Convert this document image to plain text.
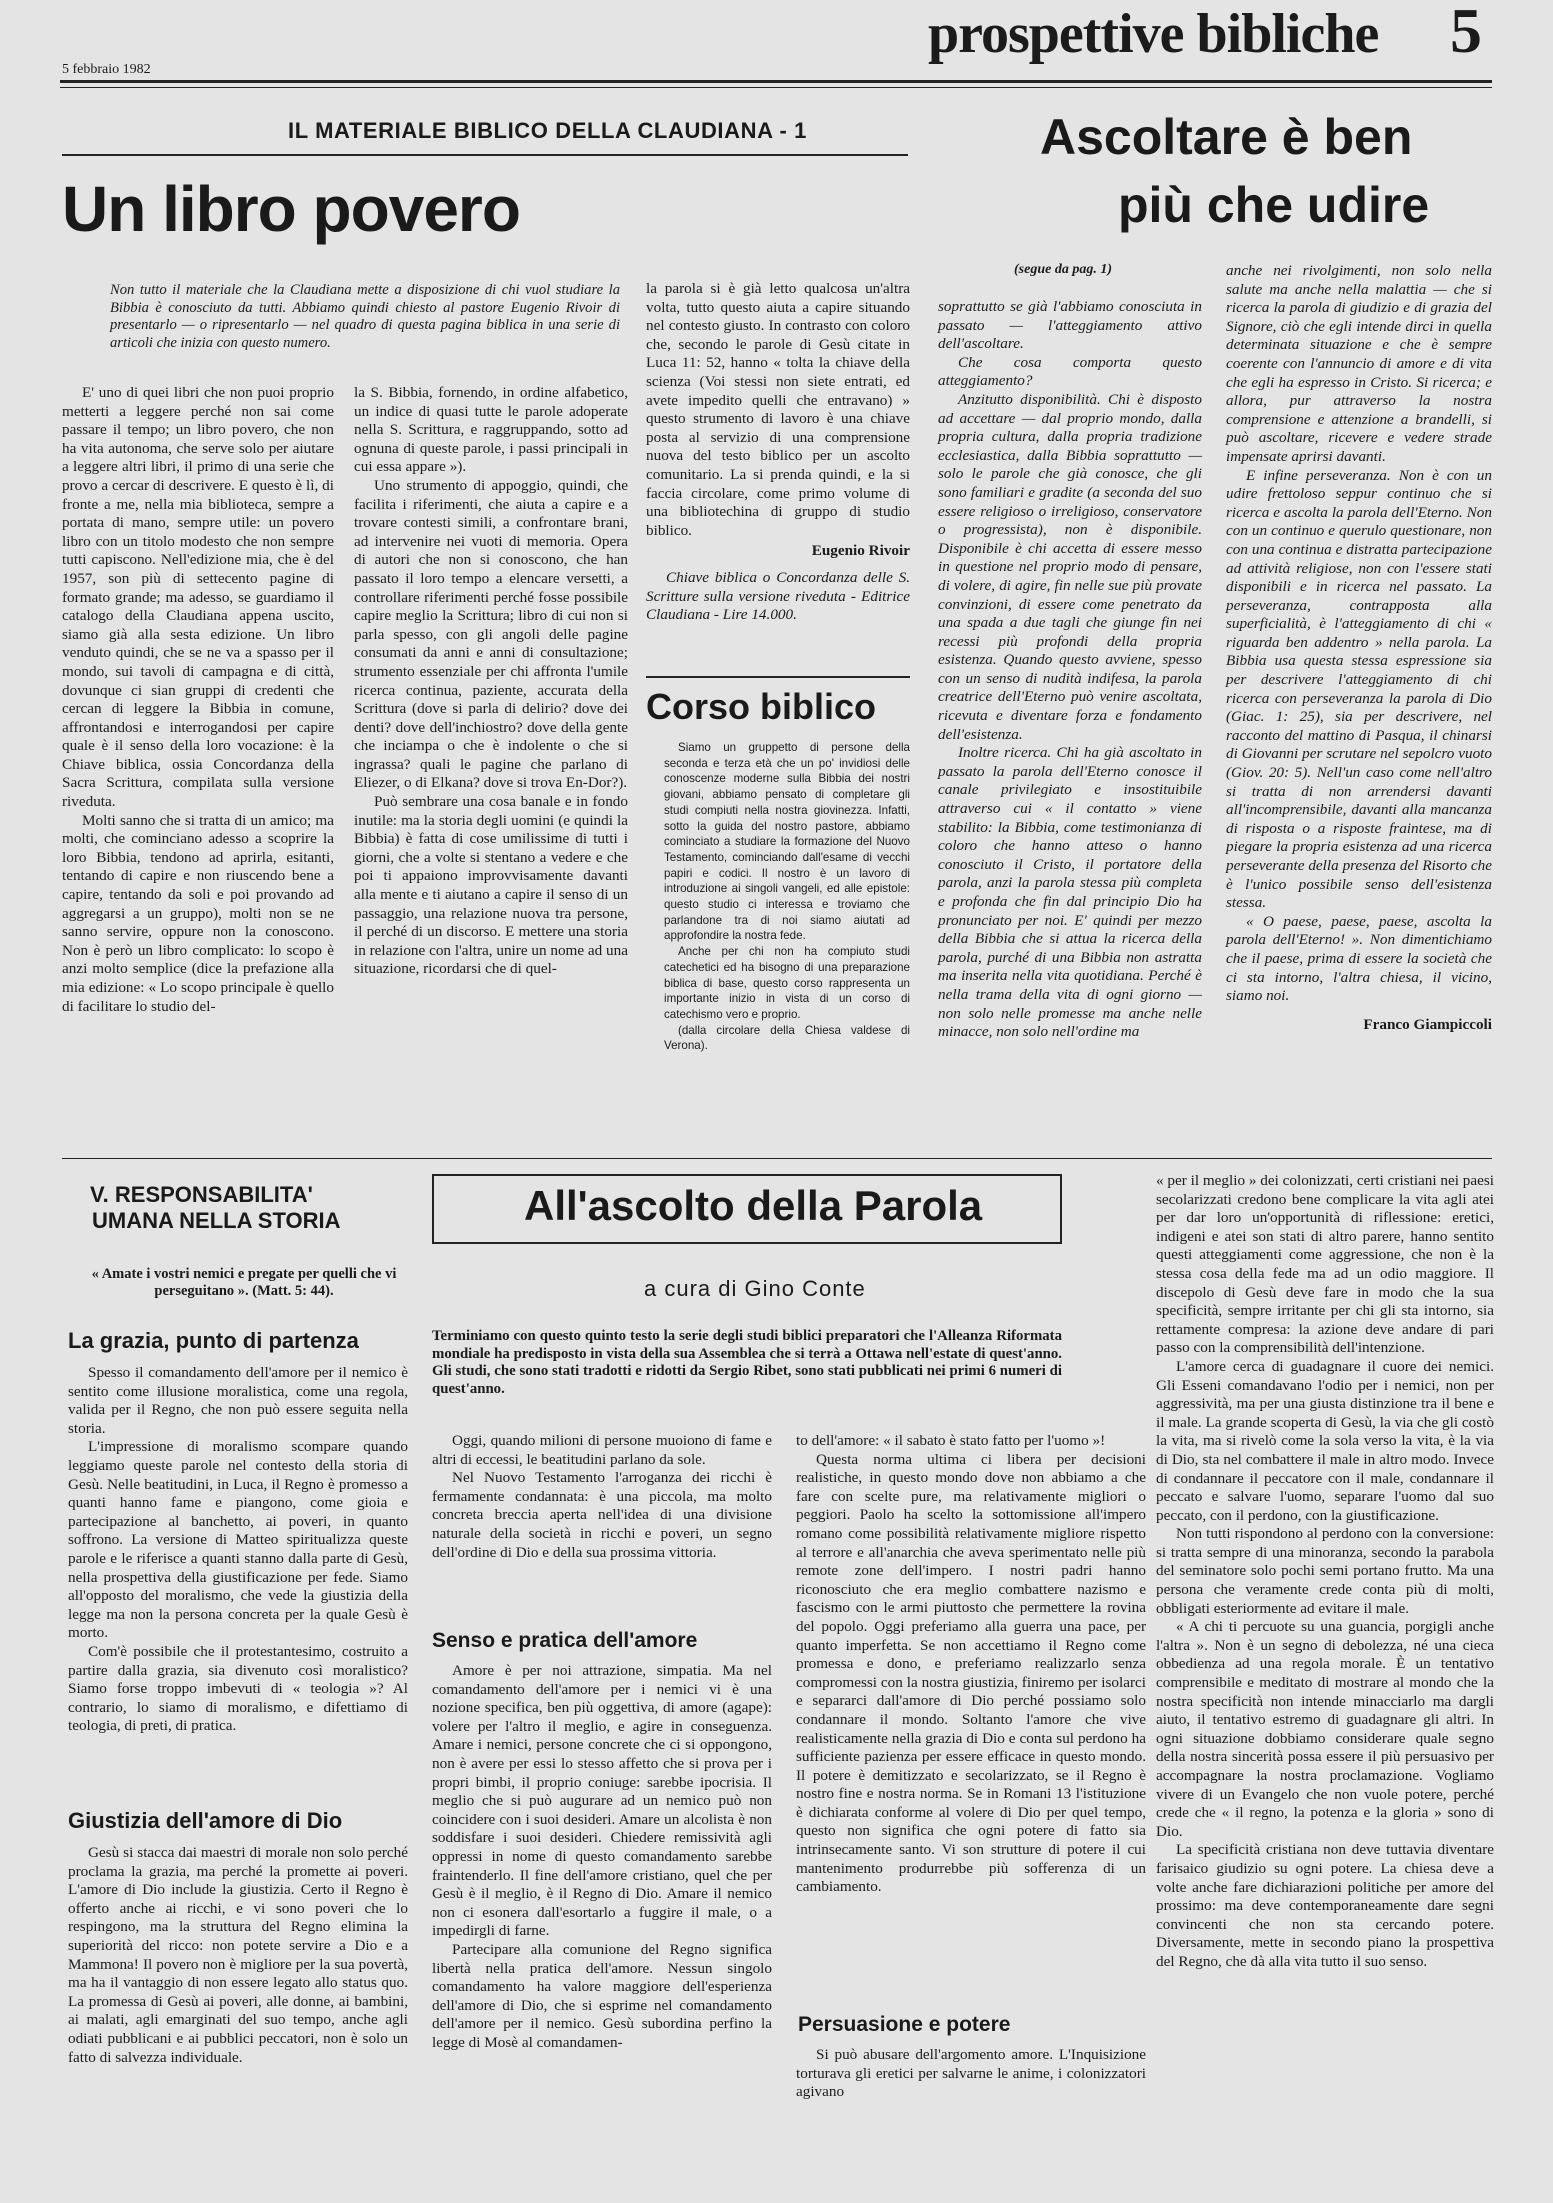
5 febbraio 1982
prospettive bibliche 5
IL MATERIALE BIBLICO DELLA CLAUDIANA - 1
Un libro povero
Non tutto il materiale che la Claudiana mette a disposizione di chi vuol studiare la Bibbia è conosciuto da tutti. Abbiamo quindi chiesto al pastore Eugenio Rivoir di presentarlo — o ripresentarlo — nel quadro di questa pagina biblica in una serie di articoli che inizia con questo numero.

E' uno di quei libri che non puoi proprio metterti a leggere perché non sai come passare il tempo; un libro povero, che non ha vita autonoma, che serve solo per aiutare a leggere altri libri, il primo di una serie che provo a cercar di descrivere. E questo è lì, di fronte a me, nella mia biblioteca, sempre a portata di mano, sempre utile: un povero libro con un titolo modesto che non sempre tutti capiscono. Nell'edizione mia, che è del 1957, son più di settecento pagine di formato grande; ma adesso, se guardiamo il catalogo della Claudiana appena uscito, siamo già alla sesta edizione. Un libro venduto quindi, che se ne va a spasso per il mondo, sui tavoli di campagna e di città, dovunque ci sian gruppi di credenti che cercan di leggere la Bibbia in comune, affrontandosi e interrogandosi per capire quale è il senso della loro vocazione: è la Chiave biblica, ossia Concordanza della Sacra Scrittura, compilata sulla versione riveduta.

Molti sanno che si tratta di un amico; ma molti, che cominciano adesso a scoprire la loro Bibbia, tendono ad aprirla, esitanti, tentando di capire e non riuscendo bene a capire, tentando da soli e poi provando ad aggregarsi a un gruppo), molti non se ne sanno servire, oppure non la conoscono. Non è però un libro complicato: lo scopo è anzi molto semplice (dice la prefazione alla mia edizione: « Lo scopo principale è quello di facilitare lo studio del-

la S. Bibbia, fornendo, in ordine alfabetico, un indice di quasi tutte le parole adoperate nella S. Scrittura, e raggruppando, sotto ad ognuna di queste parole, i passi principali in cui essa appare »).

Uno strumento di appoggio, quindi, che facilita i riferimenti, che aiuta a capire e a trovare contesti simili, a confrontare brani, ad intervenire nei vuoti di memoria. Opera di autori che non si conoscono, che han passato il loro tempo a elencare versetti, a controllare riferimenti perché fosse possibile capire meglio la Scrittura; libro di cui non si parla spesso, con gli angoli delle pagine consumati da anni e anni di consultazione; strumento essenziale per chi affronta l'umile ricerca continua, paziente, accurata della Scrittura (dove si parla di delirio? dove dei denti? dove dell'inchiostro? dove della gente che inciampa o che è indolente o che si ingrassa? quali le pagine che parlano di Eliezer, o di Elkana? dove si trova En-Dor?).

Può sembrare una cosa banale e in fondo inutile: ma la storia degli uomini (e quindi la Bibbia) è fatta di cose umilissime di tutti i giorni, che a volte si stentano a vedere e che poi ti appaiono improvvisamente davanti alla mente e ti aiutano a capire il senso di un passaggio, una relazione nuova tra persone, il perché di un discorso. E mettere una storia in relazione con l'altra, unire un nome ad una situazione, ricordarsi che di quel-

la parola si è già letto qualcosa un'altra volta, tutto questo aiuta a capire situando nel contesto giusto. In contrasto con coloro che, secondo le parole di Gesù citate in Luca 11: 52, hanno « tolta la chiave della scienza (Voi stessi non siete entrati, ed avete impedito quelli che entravano) » questo strumento di lavoro è una chiave posta al servizio di una comprensione nuova del testo biblico per un ascolto comunitario. La si prenda quindi, e la si faccia circolare, come primo volume di una bibliotechina di gruppo di studio biblico.

Eugenio Rivoir

Chiave biblica o Concordanza delle S. Scritture sulla versione riveduta - Editrice Claudiana - Lire 14.000.

Corso biblico

Siamo un gruppetto di persone della seconda e terza età che un po' invidiosi delle conoscenze moderne sulla Bibbia dei nostri giovani, abbiamo pensato di completare gli studi compiuti nella nostra giovinezza. Infatti, sotto la guida del nostro pastore, abbiamo cominciato a studiare la formazione del Nuovo Testamento, cominciando dall'esame di vecchi papiri e codici. Il nostro è un lavoro di introduzione ai singoli vangeli, ed alle epistole: questo studio ci interessa e troviamo che parlandone tra di noi siamo aiutati ad approfondire la nostra fede.

Anche per chi non ha compiuto studi catechetici ed ha bisogno di una preparazione biblica di base, questo corso rappresenta un importante inizio in vista di un corso di catechismo vero e proprio.

(dalla circolare della Chiesa valdese di Verona).

Ascoltare è ben
più che udire
(segue da pag. 1)

soprattutto se già l'abbiamo conosciuta in passato — l'atteggiamento attivo dell'ascoltare.

Che cosa comporta questo atteggiamento?

Anzitutto disponibilità. Chi è disposto ad accettare — dal proprio mondo, dalla propria cultura, dalla propria tradizione ecclesiastica, dalla Bibbia soprattutto — solo le parole che già conosce, che gli sono familiari e gradite (a seconda del suo essere religioso o irreligioso, conservatore o progressista), non è disponibile. Disponibile è chi accetta di essere messo in questione nel proprio modo di pensare, di volere, di agire, fin nelle sue più provate convinzioni, di essere come penetrato da una spada a due tagli che giunge fin nei recessi più profondi della propria esistenza. Quando questo avviene, spesso con un senso di nudità indifesa, la parola creatrice dell'Eterno può venire ascoltata, ricevuta e diventare forza e fondamento dell'esistenza.

Inoltre ricerca. Chi ha già ascoltato in passato la parola dell'Eterno conosce il canale privilegiato e insostituibile attraverso cui « il contatto » viene stabilito: la Bibbia, come testimonianza di coloro che hanno atteso o hanno conosciuto il Cristo, il portatore della parola, anzi la parola stessa più completa e profonda che fin dal principio Dio ha pronunciato per noi. E' quindi per mezzo della Bibbia che si attua la ricerca della parola, purché di una Bibbia non astratta ma inserita nella vita quotidiana. Perché è nella trama della vita di ogni giorno — non solo nelle promesse ma anche nelle minacce, non solo nell'ordine ma

anche nei rivolgimenti, non solo nella salute ma anche nella malattia — che si ricerca la parola di giudizio e di grazia del Signore, ciò che egli intende dirci in quella determinata situazione e che è sempre coerente con l'annuncio di amore e di vita che egli ha espresso in Cristo. Si ricerca; e allora, pur attraverso la nostra comprensione e attenzione a brandelli, si può ascoltare, ricevere e vedere strade impensate aprirsi davanti.

E infine perseveranza. Non è con un udire frettoloso seppur continuo che si ricerca e ascolta la parola dell'Eterno. Non con un continuo e querulo questionare, non con una continua e distratta partecipazione ad attività religiose, non con l'essere stati disponibili e in ricerca nel passato. La perseveranza, contrapposta alla superficialità, è l'atteggiamento di chi « riguarda ben addentro » nella parola. La Bibbia usa questa stessa espressione sia per descrivere l'atteggiamento di chi ricerca con perseveranza la parola di Dio (Giac. 1: 25), sia per descrivere, nel racconto del mattino di Pasqua, il chinarsi di Giovanni per scrutare nel sepolcro vuoto (Giov. 20: 5). Nell'un caso come nell'altro si tratta di non arrendersi davanti all'incomprensibile, davanti alla mancanza di risposta o a risposte fraintese, ma di piegare la propria esistenza ad una ricerca perseverante della presenza del Risorto che è l'unico possibile senso dell'esistenza stessa.

« O paese, paese, paese, ascolta la parola dell'Eterno! ». Non dimentichiamo che il paese, prima di essere la società che ci sta intorno, l'altra chiesa, il vicino, siamo noi.

Franco Giampiccoli

V. RESPONSABILITA'
UMANA NELLA STORIA
« Amate i vostri nemici e pregate per quelli che vi perseguitano ». (Matt. 5: 44).
La grazia, punto di partenza

Spesso il comandamento dell'amore per il nemico è sentito come illusione moralistica, come una regola, valida per il Regno, che non può essere seguita nella storia.

L'impressione di moralismo scompare quando leggiamo queste parole nel contesto della storia di Gesù. Nelle beatitudini, in Luca, il Regno è promesso a quanti hanno fame e piangono, come gioia e partecipazione al banchetto, ai poveri, in quanto soffrono. La versione di Matteo spiritualizza queste parole e le riferisce a quanti stanno dalla parte di Gesù, nella prospettiva della giustificazione per fede. Siamo all'opposto del moralismo, che vede la giustizia della legge ma non la persona concreta per la quale Gesù è morto.

Com'è possibile che il protestantesimo, costruito a partire dalla grazia, sia divenuto così moralistico? Siamo forse troppo imbevuti di « teologia »? Al contrario, lo siamo di moralismo, e difettiamo di teologia, di preti, di pratica.

Giustizia dell'amore di Dio

Gesù si stacca dai maestri di morale non solo perché proclama la grazia, ma perché la promette ai poveri. L'amore di Dio include la giustizia. Certo il Regno è offerto anche ai ricchi, e vi sono poveri che lo respingono, ma la struttura del Regno elimina la superiorità del ricco: non potete servire a Dio e a Mammona! Il povero non è migliore per la sua povertà, ma ha il vantaggio di non essere legato allo status quo. La promessa di Gesù ai poveri, alle donne, ai bambini, ai malati, agli emarginati del suo tempo, anche agli odiati pubblicani e ai pubblici peccatori, non è solo un fatto di salvezza individuale.

All'ascolto della Parola
a cura di Gino Conte
Terminiamo con questo quinto testo la serie degli studi biblici preparatori che l'Alleanza Riformata mondiale ha predisposto in vista della sua Assemblea che si terrà a Ottawa nell'estate di quest'anno. Gli studi, che sono stati tradotti e ridotti da Sergio Ribet, sono stati pubblicati nei primi 6 numeri di quest'anno.

Oggi, quando milioni di persone muoiono di fame e altri di eccessi, le beatitudini parlano da sole.

Nel Nuovo Testamento l'arroganza dei ricchi è fermamente condannata: è una piccola, ma molto concreta breccia aperta nell'idea di una divisione naturale della società in ricchi e poveri, un segno dell'ordine di Dio e della sua prossima vittoria.

Senso e pratica dell'amore

Amore è per noi attrazione, simpatia. Ma nel comandamento dell'amore per i nemici vi è una nozione specifica, ben più oggettiva, di amore (agape): volere per l'altro il meglio, e agire in conseguenza. Amare i nemici, persone concrete che ci si oppongono, non è avere per essi lo stesso affetto che si prova per i propri bimbi, il proprio coniuge: sarebbe ipocrisia. Il meglio che si può augurare ad un nemico può non coincidere con i suoi desideri. Amare un alcolista è non soddisfare i suoi desideri. Chiedere remissività agli oppressi in nome di questo comandamento sarebbe fraintenderlo. Il fine dell'amore cristiano, quel che per Gesù è il meglio, è il Regno di Dio. Amare il nemico non ci esonera dall'esortarlo a fuggire il male, o a impedirgli di farne.

Partecipare alla comunione del Regno significa libertà nella pratica dell'amore. Nessun singolo comandamento ha valore maggiore dell'esperienza dell'amore di Dio, che si esprime nel comandamento dell'amore per il nemico. Gesù subordina perfino la legge di Mosè al comandamen-

to dell'amore: « il sabato è stato fatto per l'uomo »!

Questa norma ultima ci libera per decisioni realistiche, in questo mondo dove non abbiamo a che fare con scelte pure, ma relativamente migliori o peggiori. Paolo ha scelto la sottomissione all'impero romano come possibilità relativamente migliore rispetto al terrore e all'anarchia che aveva sperimentato nelle più remote zone dell'impero. I nostri padri hanno riconosciuto che era meglio combattere nazismo e fascismo con le armi piuttosto che permettere la rovina del popolo. Oggi preferiamo alla guerra una pace, per quanto imperfetta. Se non accettiamo il Regno come promessa e dono, e preferiamo realizzarlo senza compromessi con la nostra giustizia, finiremo per isolarci e separarci dall'amore di Dio perché possiamo solo condannare il mondo. Soltanto l'amore che vive realisticamente nella grazia di Dio e conta sul perdono ha sufficiente pazienza per essere efficace in questo mondo. Il potere è demitizzato e secolarizzato, se il Regno è nostro fine e nostra norma. Se in Romani 13 l'istituzione è dichiarata conforme al volere di Dio per quel tempo, questo non significa che ogni potere di fatto sia intrinsecamente santo. Vi son strutture di potere il cui mantenimento produrrebbe più sofferenza di un cambiamento.

Persuasione e potere

Si può abusare dell'argomento amore. L'Inquisizione torturava gli eretici per salvarne le anime, i colonizzatori agivano

« per il meglio » dei colonizzati, certi cristiani nei paesi secolarizzati credono bene complicare la vita agli atei per dar loro un'opportunità di riflessione: eretici, indigeni e atei son stati di altro parere, hanno sentito questi atteggiamenti come aggressione, che non è la stessa cosa della fede ma ad un odio maggiore. Il discepolo di Gesù deve fare in modo che la sua specificità, sempre irritante per chi gli sta intorno, sia rettamente compresa: la azione deve andare di pari passo con la comprensibilità dell'intenzione.

L'amore cerca di guadagnare il cuore dei nemici. Gli Esseni comandavano l'odio per i nemici, non per aggressività, ma per una giusta distinzione tra il bene e il male. La grande scoperta di Gesù, la via che gli costò la vita, ma si rivelò come la sola verso la vita, è la via di Dio, sta nel combattere il male in altro modo. Invece di condannare il peccatore con il male, condannare il peccato e salvare l'uomo, separare l'uomo dal suo peccato, con il perdono, con la giustificazione.

Non tutti rispondono al perdono con la conversione: si tratta sempre di una minoranza, secondo la parabola del seminatore solo pochi semi portano frutto. Ma una persona che veramente crede conta più di molti, obbligati esteriormente ad evitare il male.

« A chi ti percuote su una guancia, porgigli anche l'altra ». Non è un segno di debolezza, né una cieca obbedienza ad una regola morale. È un tentativo comprensibile e meditato di mostrare al mondo che la nostra specificità non intende minacciarlo ma dargli aiuto, il tentativo estremo di guadagnare gli altri. In ogni situazione dobbiamo considerare quale segno della nostra sincerità possa essere il più persuasivo per accompagnare la nostra proclamazione. Vogliamo vivere di un Evangelo che non vuole potere, perché crede che « il regno, la potenza e la gloria » sono di Dio.

La specificità cristiana non deve tuttavia diventare farisaico giudizio su ogni potere. La chiesa deve a volte anche fare dichiarazioni politiche per amore del prossimo: ma deve contemporaneamente dare segni convincenti che non sta cercando potere. Diversamente, mette in secondo piano la prospettiva del Regno, che dà alla vita tutto il suo senso.
